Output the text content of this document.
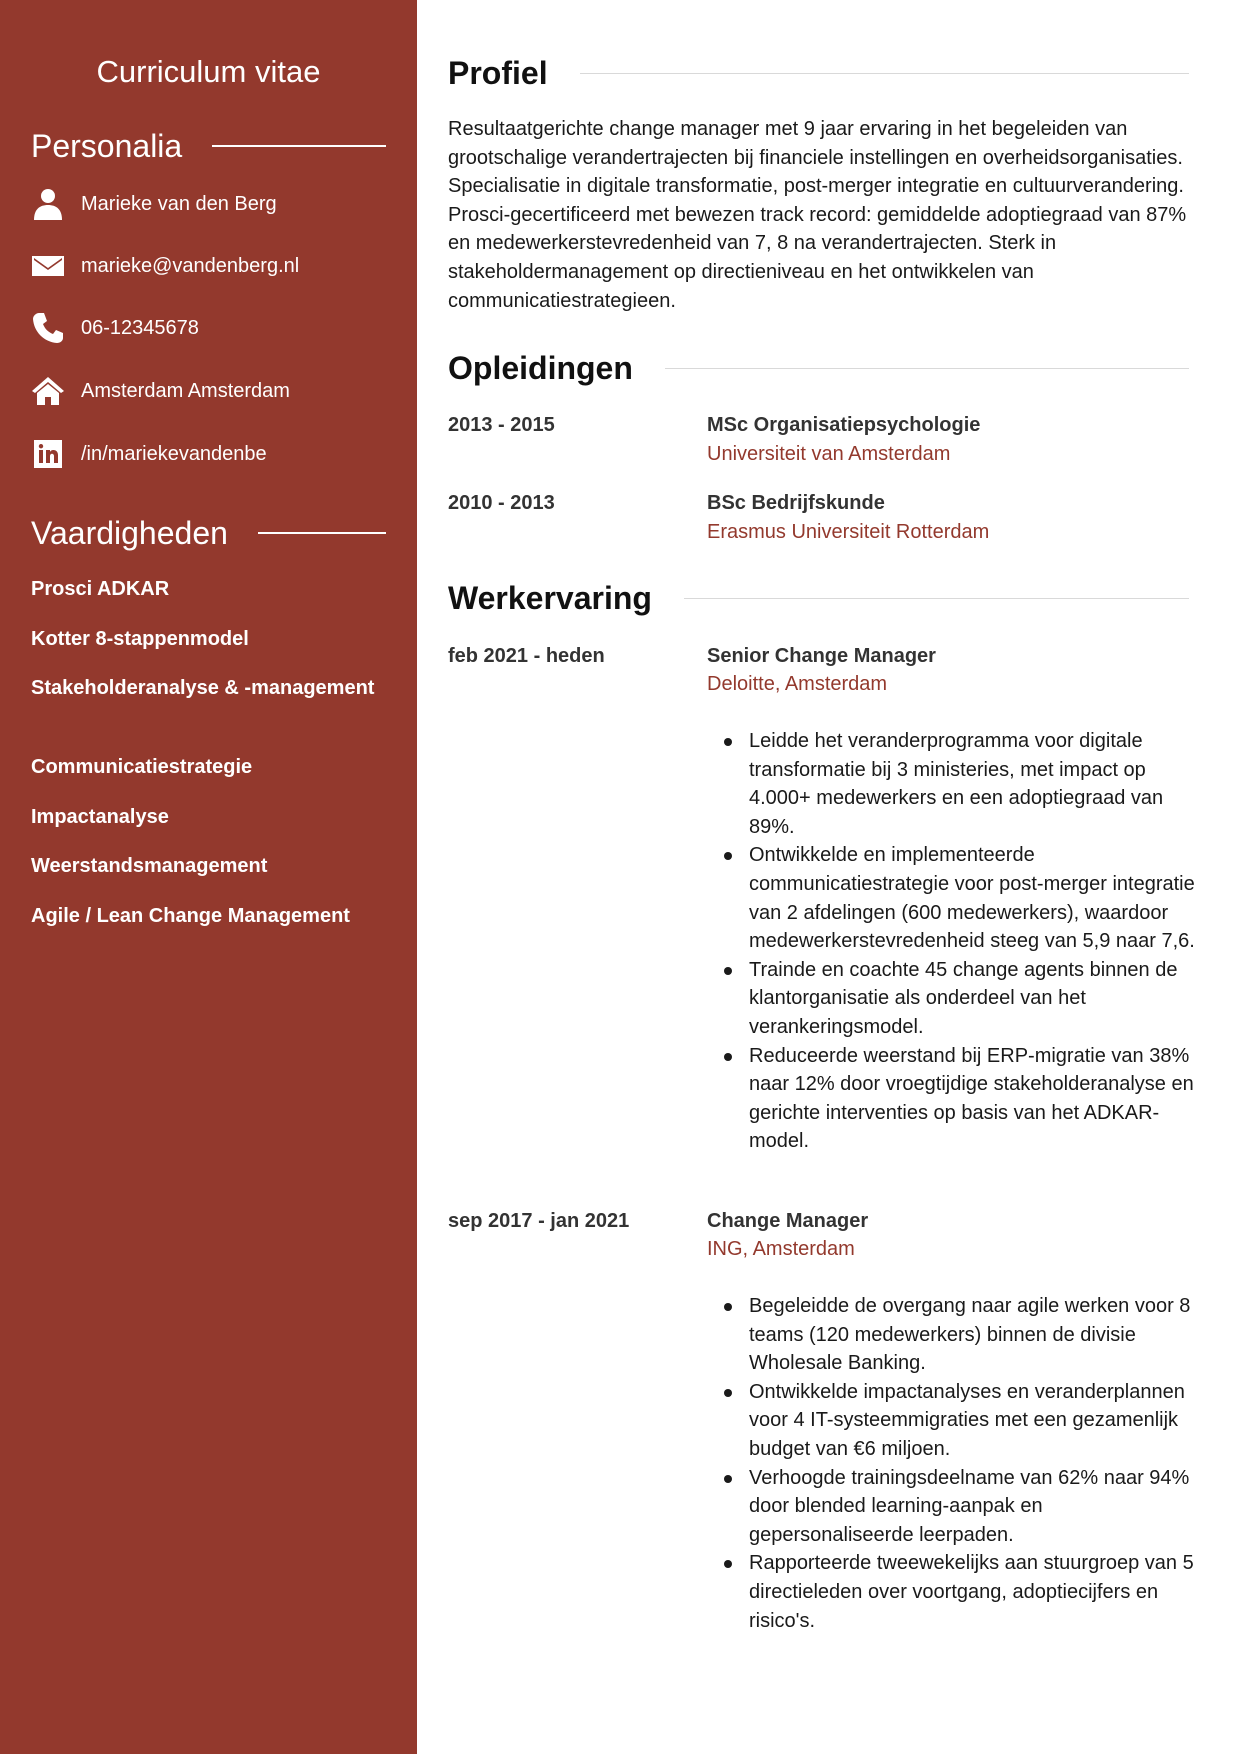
Curriculum vitae
Personalia
Marieke van den Berg
marieke@vandenberg.nl
06-12345678
Amsterdam Amsterdam
/in/mariekevandenbe
Vaardigheden
Prosci ADKAR
Kotter 8-stappenmodel
Stakeholderanalyse & -management
Communicatiestrategie
Impactanalyse
Weerstandsmanagement
Agile / Lean Change Management
Profiel
Resultaatgerichte change manager met 9 jaar ervaring in het begeleiden van grootschalige verandertrajecten bij financiele instellingen en overheidsorganisaties. Specialisatie in digitale transformatie, post-merger integratie en cultuurverandering. Prosci-gecertificeerd met bewezen track record: gemiddelde adoptiegraad van 87% en medewerkerstevredenheid van 7, 8 na verandertrajecten. Sterk in stakeholdermanagement op directieniveau en het ontwikkelen van communicatiestrategieen.
Opleidingen
2013 - 2015	MSc Organisatiepsychologie
Universiteit van Amsterdam
2010 - 2013	BSc Bedrijfskunde
Erasmus Universiteit Rotterdam
Werkervaring
feb 2021 - heden	Senior Change Manager
Deloitte, Amsterdam
Leidde het veranderprogramma voor digitale transformatie bij 3 ministeries, met impact op 4.000+ medewerkers en een adoptiegraad van 89%.
Ontwikkelde en implementeerde communicatiestrategie voor post-merger integratie van 2 afdelingen (600 medewerkers), waardoor medewerkerstevredenheid steeg van 5,9 naar 7,6.
Trainde en coachte 45 change agents binnen de klantorganisatie als onderdeel van het verankeringsmodel.
Reduceerde weerstand bij ERP-migratie van 38% naar 12% door vroegtijdige stakeholderanalyse en gerichte interventies op basis van het ADKAR-model.
sep 2017 - jan 2021	Change Manager
ING, Amsterdam
Begeleidde de overgang naar agile werken voor 8 teams (120 medewerkers) binnen de divisie Wholesale Banking.
Ontwikkelde impactanalyses en veranderplannen voor 4 IT-systeemmigraties met een gezamenlijk budget van €6 miljoen.
Verhoogde trainingsdeelname van 62% naar 94% door blended learning-aanpak en gepersonaliseerde leerpaden.
Rapporteerde tweewekelijks aan stuurgroep van 5 directieleden over voortgang, adoptiecijfers en risico's.
